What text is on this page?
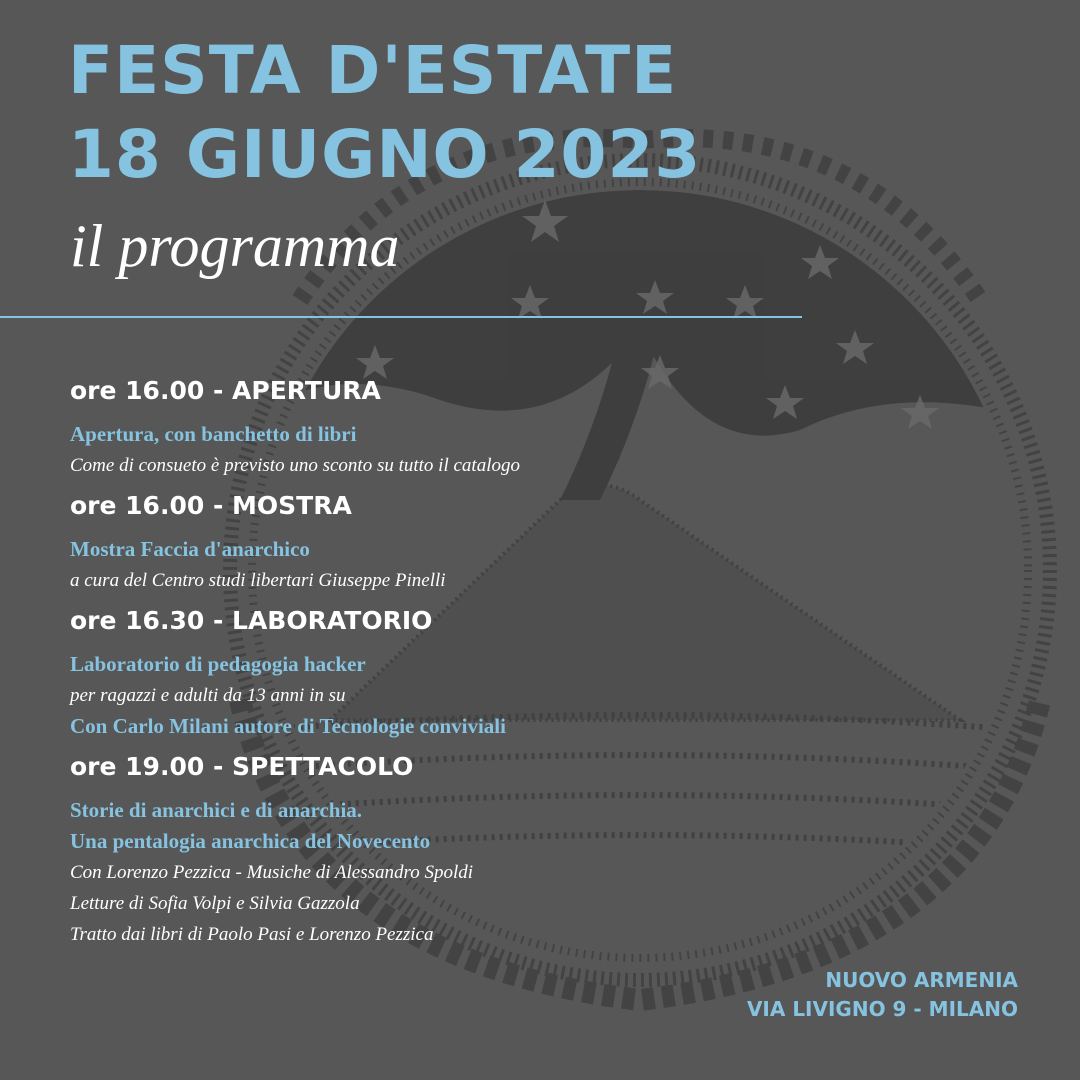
FESTA D'ESTATE
18 GIUGNO 2023
il programma
ore 16.00 - APERTURA
Apertura, con banchetto di libri
Come di consueto è previsto uno sconto su tutto il catalogo
ore 16.00 - MOSTRA
Mostra Faccia d'anarchico
a cura del Centro studi libertari Giuseppe Pinelli
ore 16.30 - LABORATORIO
Laboratorio di pedagogia hacker
per ragazzi e adulti da 13 anni in su
Con Carlo Milani autore di Tecnologie conviviali
ore 19.00 - SPETTACOLO
Storie di anarchici e di anarchia.
Una pentalogia anarchica del Novecento
Con Lorenzo Pezzica - Musiche di Alessandro Spoldi
Letture di Sofia Volpi e Silvia Gazzola
Tratto dai libri di Paolo Pasi e Lorenzo Pezzica
NUOVO ARMENIA
VIA LIVIGNO 9 - MILANO
